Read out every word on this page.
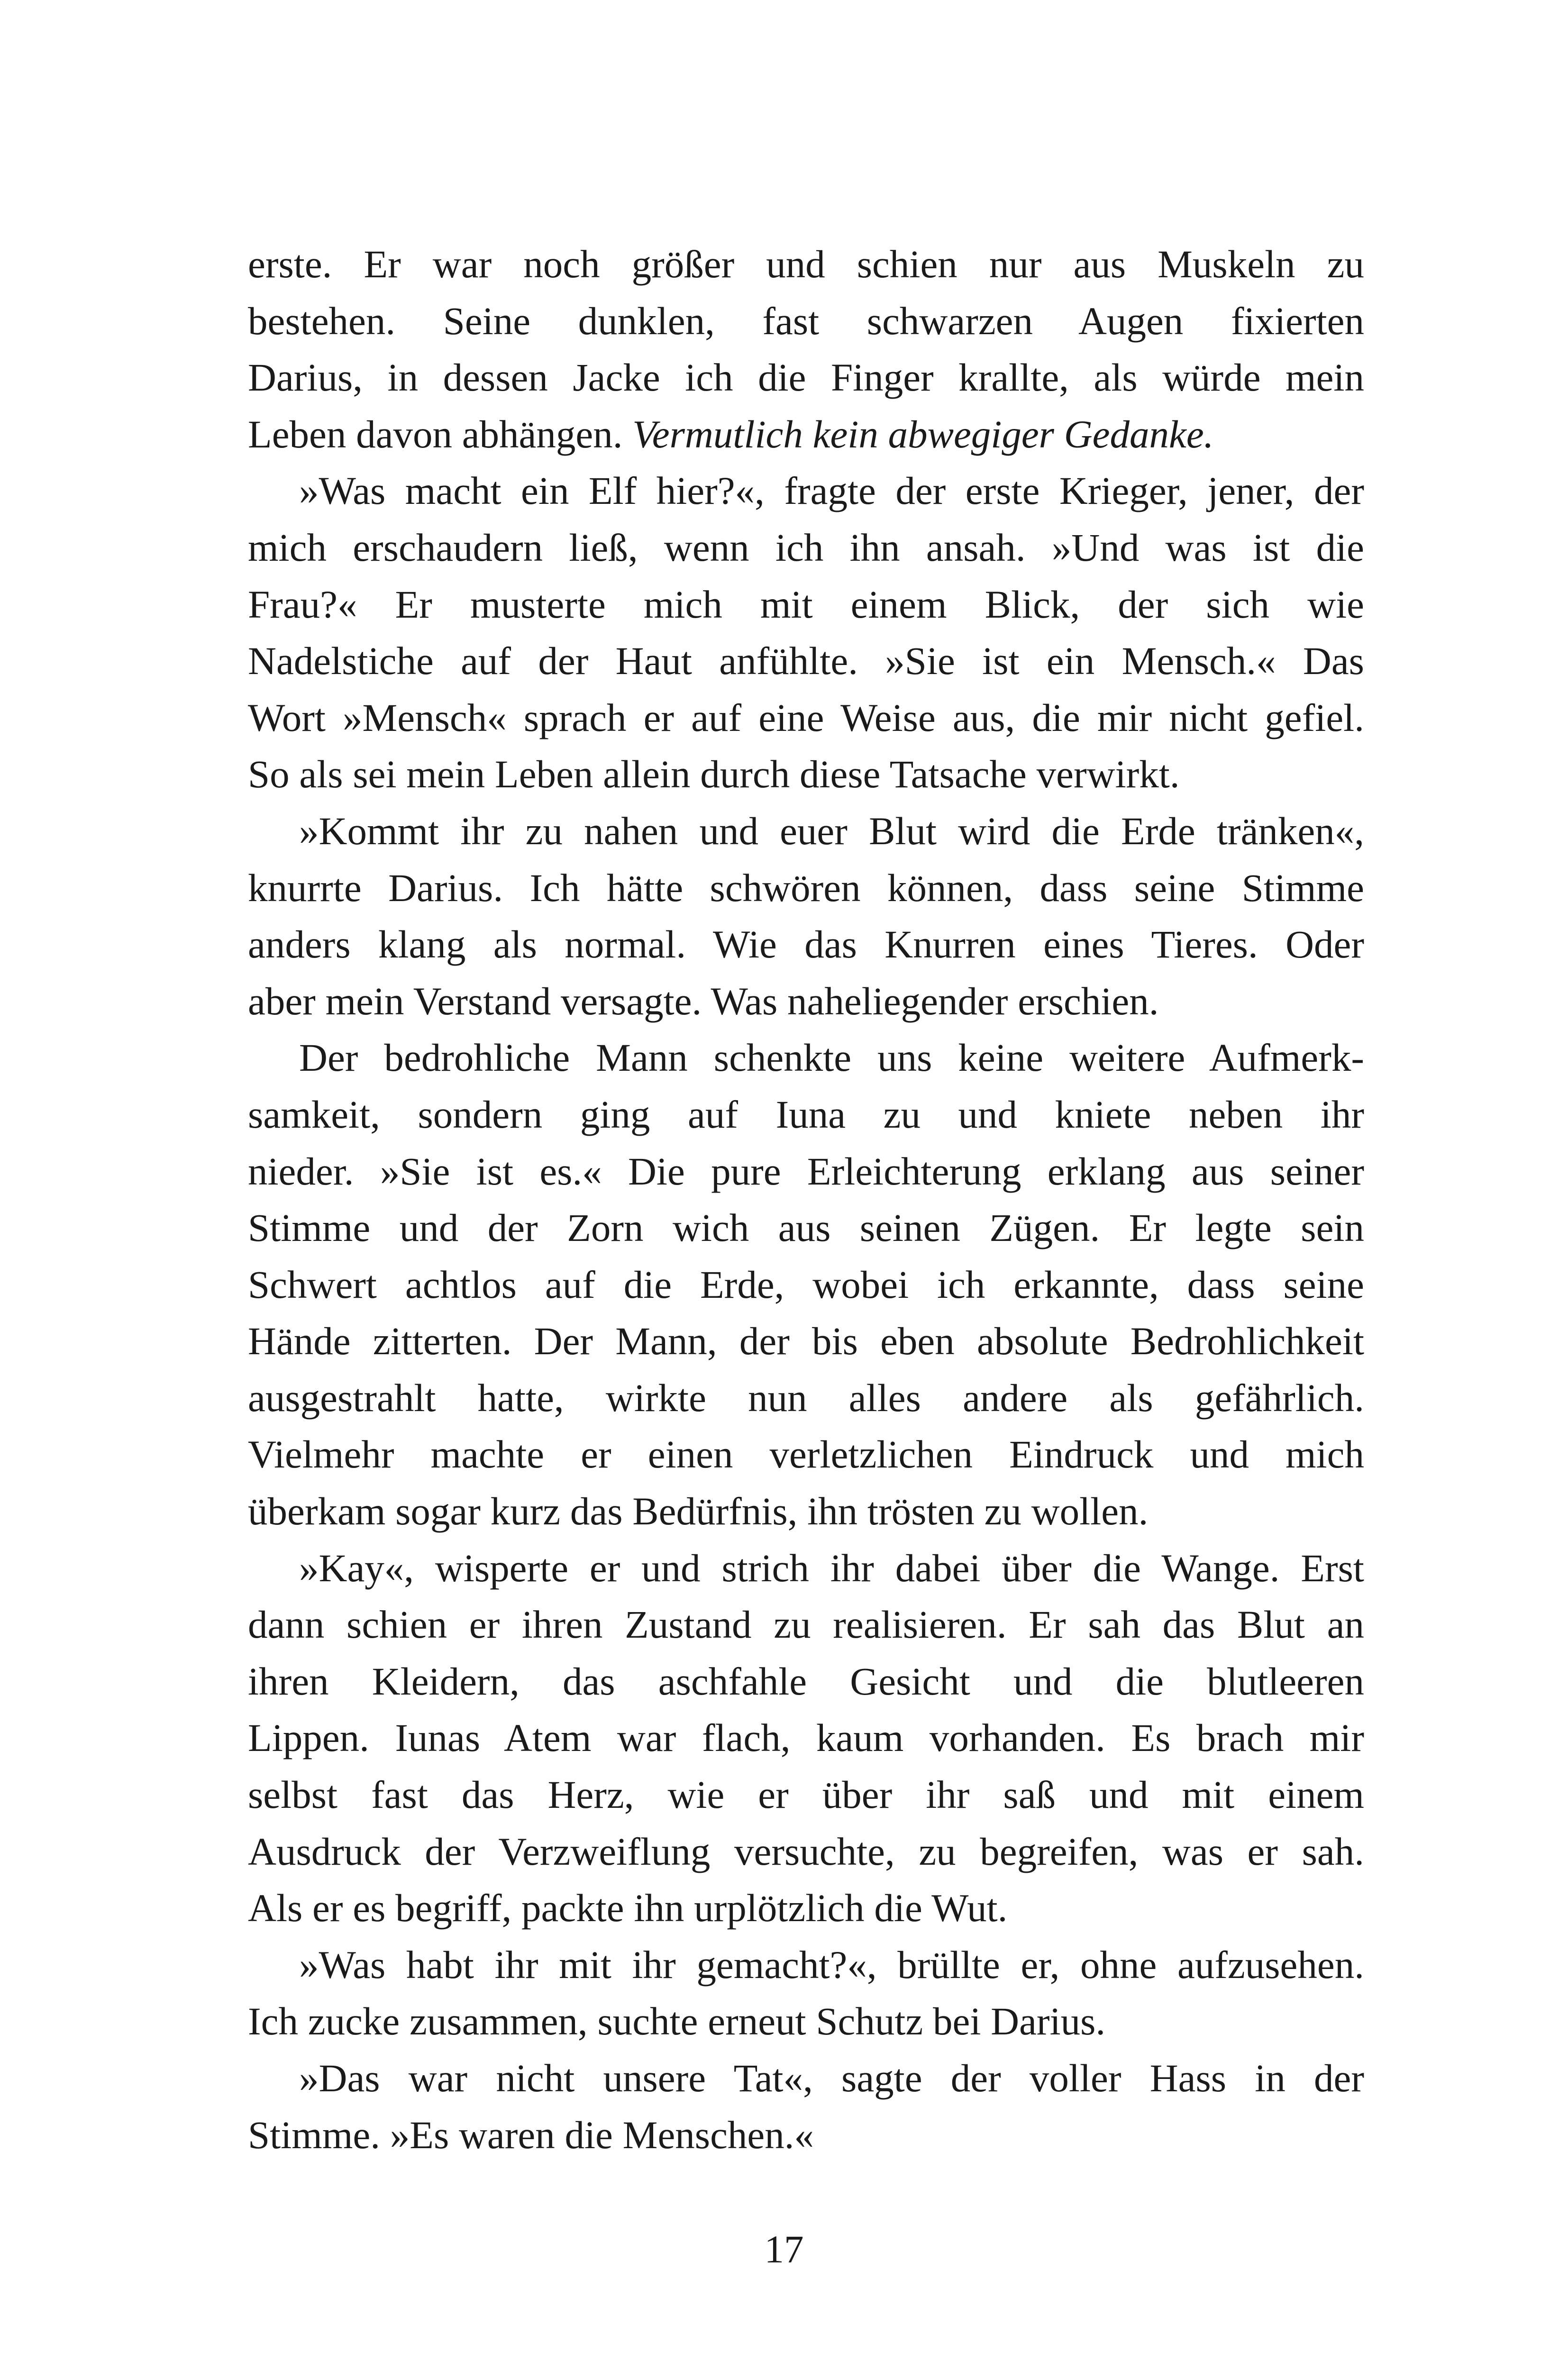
erste. Er war noch größer und schien nur aus Muskeln zu
bestehen. Seine dunklen, fast schwarzen Augen fixierten
Darius, in dessen Jacke ich die Finger krallte, als würde mein
Leben davon abhängen. Vermutlich kein abwegiger Gedanke.
»Was macht ein Elf hier?«, fragte der erste Krieger, jener, der
mich erschaudern ließ, wenn ich ihn ansah. »Und was ist die
Frau?« Er musterte mich mit einem Blick, der sich wie
Nadelstiche auf der Haut anfühlte. »Sie ist ein Mensch.« Das
Wort »Mensch« sprach er auf eine Weise aus, die mir nicht gefiel.
So als sei mein Leben allein durch diese Tatsache verwirkt.
»Kommt ihr zu nahen und euer Blut wird die Erde tränken«,
knurrte Darius. Ich hätte schwören können, dass seine Stimme
anders klang als normal. Wie das Knurren eines Tieres. Oder
aber mein Verstand versagte. Was naheliegender erschien.
Der bedrohliche Mann schenkte uns keine weitere Aufmerk-
samkeit, sondern ging auf Iuna zu und kniete neben ihr
nieder. »Sie ist es.« Die pure Erleichterung erklang aus seiner
Stimme und der Zorn wich aus seinen Zügen. Er legte sein
Schwert achtlos auf die Erde, wobei ich erkannte, dass seine
Hände zitterten. Der Mann, der bis eben absolute Bedrohlichkeit
ausgestrahlt hatte, wirkte nun alles andere als gefährlich.
Vielmehr machte er einen verletzlichen Eindruck und mich
überkam sogar kurz das Bedürfnis, ihn trösten zu wollen.
»Kay«, wisperte er und strich ihr dabei über die Wange. Erst
dann schien er ihren Zustand zu realisieren. Er sah das Blut an
ihren Kleidern, das aschfahle Gesicht und die blutleeren
Lippen. Iunas Atem war flach, kaum vorhanden. Es brach mir
selbst fast das Herz, wie er über ihr saß und mit einem
Ausdruck der Verzweiflung versuchte, zu begreifen, was er sah.
Als er es begriff, packte ihn urplötzlich die Wut.
»Was habt ihr mit ihr gemacht?«, brüllte er, ohne aufzusehen.
Ich zucke zusammen, suchte erneut Schutz bei Darius.
»Das war nicht unsere Tat«, sagte der voller Hass in der
Stimme. »Es waren die Menschen.«
17
